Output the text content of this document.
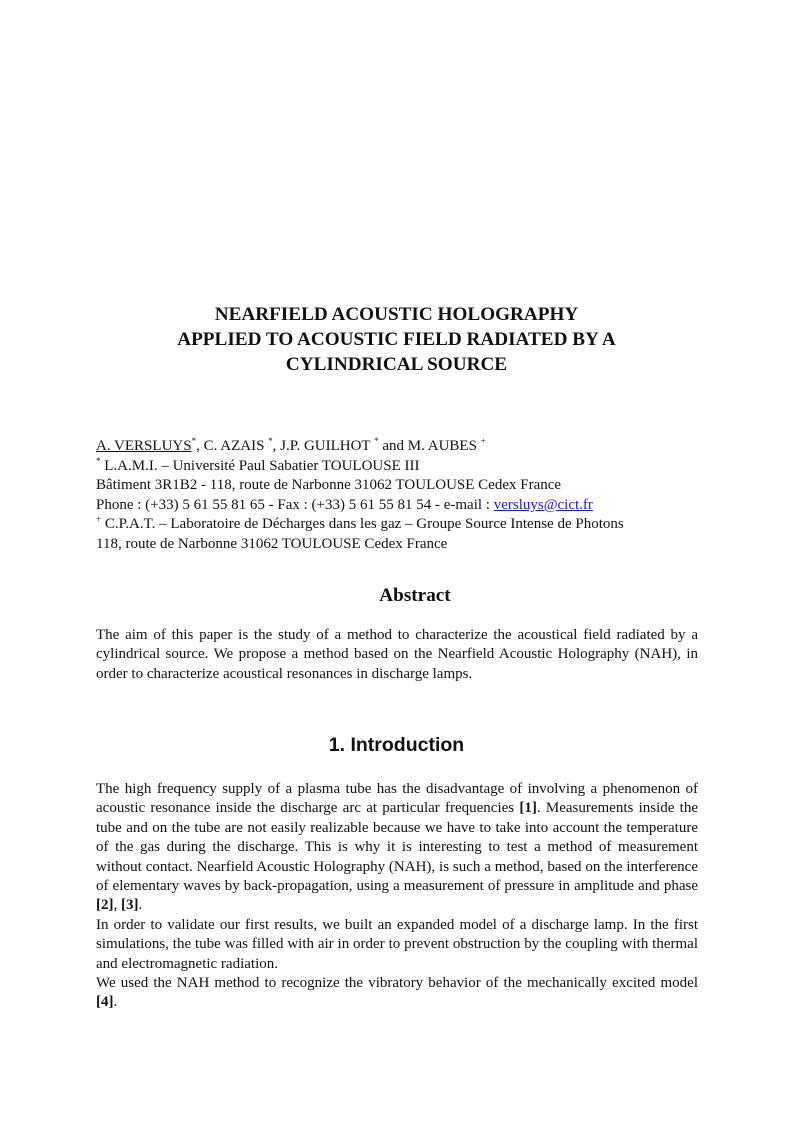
NEARFIELD ACOUSTIC HOLOGRAPHY
APPLIED TO ACOUSTIC FIELD RADIATED BY A
CYLINDRICAL SOURCE
A. VERSLUYS*, C. AZAIS *, J.P. GUILHOT * and M. AUBES +
* L.A.M.I. – Université Paul Sabatier TOULOUSE III
Bâtiment 3R1B2 - 118, route de Narbonne 31062 TOULOUSE Cedex France
Phone : (+33) 5 61 55 81 65 - Fax : (+33) 5 61 55 81 54 - e-mail : versluys@cict.fr
+ C.P.A.T. – Laboratoire de Décharges dans les gaz – Groupe Source Intense de Photons
118, route de Narbonne 31062 TOULOUSE Cedex France
Abstract
The aim of this paper is the study of a method to characterize the acoustical field radiated by a cylindrical source. We propose a method based on the Nearfield Acoustic Holography (NAH), in order to characterize acoustical resonances in discharge lamps.
1. Introduction

The high frequency supply of a plasma tube has the disadvantage of involving a phenomenon of acoustic resonance inside the discharge arc at particular frequencies [1]. Measurements inside the tube and on the tube are not easily realizable because we have to take into account the temperature of the gas during the discharge. This is why it is interesting to test a method of measurement without contact. Nearfield Acoustic Holography (NAH), is such a method, based on the interference of elementary waves by back-propagation, using a measurement of pressure in amplitude and phase [2], [3].

In order to validate our first results, we built an expanded model of a discharge lamp. In the first simulations, the tube was filled with air in order to prevent obstruction by the coupling with thermal and electromagnetic radiation.

We used the NAH method to recognize the vibratory behavior of the mechanically excited model [4].
